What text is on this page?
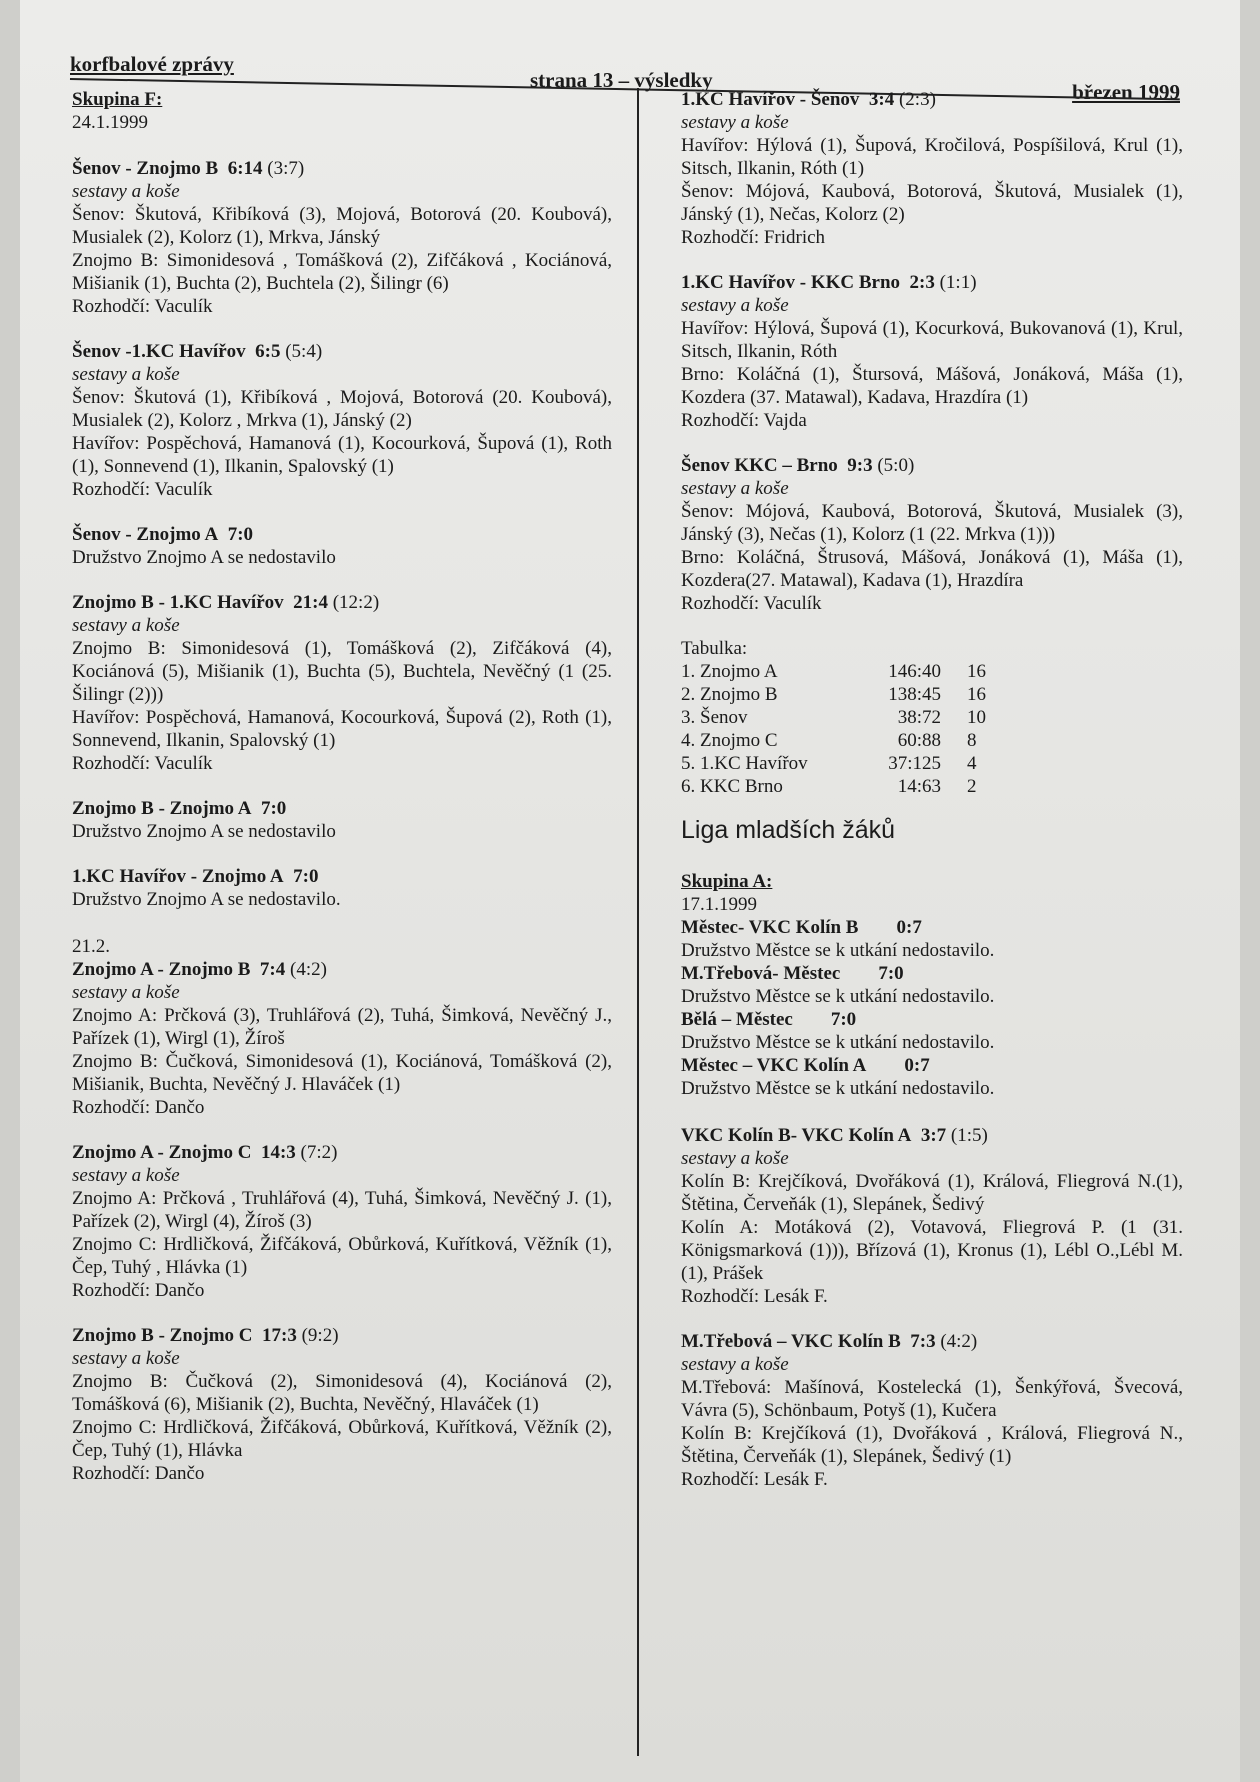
korfbalové zprávy
strana 13 – výsledky	březen 1999
Skupina F:
24.1.1999
Šenov - Znojmo B  6:14 (3:7)
sestavy a koše
Šenov: Škutová, Křibíková (3), Mojová, Botorová (20. Koubová), Musialek (2), Kolorz (1), Mrkva, Jánský
Znojmo B: Simonidesová , Tomášková (2), Zifčáková , Kociánová, Mišianik (1), Buchta (2), Buchtela (2), Šilingr (6)
Rozhodčí: Vaculík
Šenov -1.KC Havířov  6:5 (5:4)
sestavy a koše
Šenov: Škutová (1), Křibíková , Mojová, Botorová (20. Koubová), Musialek (2), Kolorz , Mrkva (1), Jánský (2)
Havířov: Pospěchová, Hamanová (1), Kocourková, Šupová (1), Roth (1), Sonnevend (1), Ilkanin, Spalovský (1)
Rozhodčí: Vaculík
Šenov - Znojmo A  7:0
Družstvo Znojmo A se nedostavilo
Znojmo B - 1.KC Havířov  21:4 (12:2)
sestavy a koše
Znojmo B: Simonidesová (1), Tomášková (2), Zifčáková (4), Kociánová (5), Mišianik (1), Buchta (5), Buchtela, Nevěčný (1 (25. Šilingr (2)))
Havířov: Pospěchová, Hamanová, Kocourková, Šupová (2), Roth (1), Sonnevend, Ilkanin, Spalovský (1)
Rozhodčí: Vaculík
Znojmo B - Znojmo A  7:0
Družstvo Znojmo A se nedostavilo
1.KC Havířov - Znojmo A  7:0
Družstvo Znojmo A se nedostavilo.
21.2.
Znojmo A - Znojmo B  7:4 (4:2)
sestavy a koše
Znojmo A: Prčková (3), Truhlářová (2), Tuhá, Šimková, Nevěčný J., Pařízek (1), Wirgl (1), Žíroš
Znojmo B: Čučková, Simonidesová (1), Kociánová, Tomášková (2), Mišianik, Buchta, Nevěčný J. Hlaváček (1)
Rozhodčí: Dančo
Znojmo A - Znojmo C  14:3 (7:2)
sestavy a koše
Znojmo A: Prčková , Truhlářová (4), Tuhá, Šimková, Nevěčný J. (1), Pařízek (2), Wirgl (4), Žíroš (3)
Znojmo C: Hrdličková, Žifčáková, Obůrková, Kuřítková, Věžník (1), Čep, Tuhý , Hlávka (1)
Rozhodčí: Dančo
Znojmo B - Znojmo C  17:3 (9:2)
sestavy a koše
Znojmo B: Čučková (2), Simonidesová (4), Kociánová (2), Tomášková (6), Mišianik (2), Buchta, Nevěčný, Hlaváček (1)
Znojmo C: Hrdličková, Žifčáková, Obůrková, Kuřítková, Věžník (2), Čep, Tuhý (1), Hlávka
Rozhodčí: Dančo
1.KC Havířov - Šenov  3:4 (2:3)
sestavy a koše
Havířov: Hýlová (1), Šupová, Kročilová, Pospíšilová, Krul (1), Sitsch, Ilkanin, Róth (1)
Šenov: Mójová, Kaubová, Botorová, Škutová, Musialek (1), Jánský (1), Nečas, Kolorz (2)
Rozhodčí: Fridrich
1.KC Havířov - KKC Brno  2:3 (1:1)
sestavy a koše
Havířov: Hýlová, Šupová (1), Kocurková, Bukovanová (1), Krul, Sitsch, Ilkanin, Róth
Brno: Koláčná (1), Štursová, Mášová, Jonáková, Máša (1), Kozdera (37. Matawal), Kadava, Hrazdíra (1)
Rozhodčí: Vajda
Šenov KKC – Brno  9:3 (5:0)
sestavy a koše
Šenov: Mójová, Kaubová, Botorová, Škutová, Musialek (3), Jánský (3), Nečas (1), Kolorz (1 (22. Mrkva (1)))
Brno: Koláčná, Štrusová, Mášová, Jonáková (1), Máša (1), Kozdera(27. Matawal), Kadava (1), Hrazdíra
Rozhodčí: Vaculík
Tabulka:
1. Znojmo A	146:40	16
2. Znojmo B	138:45	16
3. Šenov	38:72	10
4. Znojmo C	60:88	8
5. 1.KC Havířov	37:125	4
6. KKC Brno	14:63	2
Liga mladších žáků
Skupina A:
17.1.1999
Městec- VKC Kolín B   0:7
Družstvo Městce se k utkání nedostavilo.
M.Třebová- Městec   7:0
Družstvo Městce se k utkání nedostavilo.
Bělá – Městec   7:0
Družstvo Městce se k utkání nedostavilo.
Městec – VKC Kolín A   0:7
Družstvo Městce se k utkání nedostavilo.
VKC Kolín B- VKC Kolín A  3:7 (1:5)
sestavy a koše
Kolín B: Krejčíková, Dvořáková (1), Králová, Fliegrová N.(1), Štětina, Červeňák (1), Slepánek, Šedivý
Kolín A: Motáková (2), Votavová, Fliegrová P. (1 (31. Königsmarková (1))), Břízová (1), Kronus (1), Lébl O.,Lébl M.(1), Prášek
Rozhodčí: Lesák F.
M.Třebová – VKC Kolín B  7:3 (4:2)
sestavy a koše
M.Třebová: Mašínová, Kostelecká (1), Šenkýřová, Švecová, Vávra (5), Schönbaum, Potyš (1), Kučera
Kolín B: Krejčíková (1), Dvořáková , Králová, Fliegrová N., Štětina, Červeňák (1), Slepánek, Šedivý (1)
Rozhodčí: Lesák F.
